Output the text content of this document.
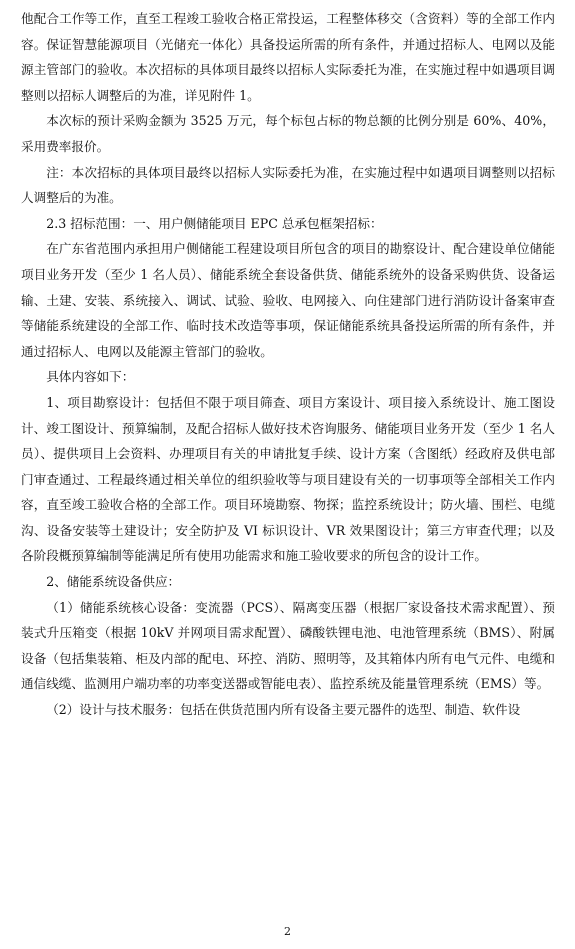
他配合工作等工作，直至工程竣工验收合格正常投运，工程整体移交（含资料）等的全部工作内容。保证智慧能源项目（光储充一体化）具备投运所需的所有条件，并通过招标人、电网以及能源主管部门的验收。本次招标的具体项目最终以招标人实际委托为准，在实施过程中如遇项目调整则以招标人调整后的为准，详见附件 1。

本次标的预计采购金额为 3525 万元，每个标包占标的物总额的比例分别是 60%、40%，采用费率报价。

注：本次招标的具体项目最终以招标人实际委托为准，在实施过程中如遇项目调整则以招标人调整后的为准。

2.3 招标范围：一、用户侧储能项目 EPC 总承包框架招标：

在广东省范围内承担用户侧储能工程建设项目所包含的项目的勘察设计、配合建设单位储能项目业务开发（至少 1 名人员）、储能系统全套设备供货、储能系统外的设备采购供货、设备运输、土建、安装、系统接入、调试、试验、验收、电网接入、向住建部门进行消防设计备案审查等储能系统建设的全部工作、临时技术改造等事项，保证储能系统具备投运所需的所有条件，并通过招标人、电网以及能源主管部门的验收。

具体内容如下：

1、项目勘察设计：包括但不限于项目筛查、项目方案设计、项目接入系统设计、施工图设计、竣工图设计、预算编制，及配合招标人做好技术咨询服务、储能项目业务开发（至少 1 名人员）、提供项目上会资料、办理项目有关的申请批复手续、设计方案（含图纸）经政府及供电部门审查通过、工程最终通过相关单位的组织验收等与项目建设有关的一切事项等全部相关工作内容，直至竣工验收合格的全部工作。项目环境勘察、物探；监控系统设计；防火墙、围栏、电缆沟、设备安装等土建设计；安全防护及 VI 标识设计、VR 效果图设计；第三方审查代理；以及各阶段概预算编制等能满足所有使用功能需求和施工验收要求的所包含的设计工作。

2、储能系统设备供应：

（1）储能系统核心设备：变流器（PCS）、隔离变压器（根据厂家设备技术需求配置）、预装式升压箱变（根据 10kV 并网项目需求配置）、磷酸铁锂电池、电池管理系统（BMS）、附属设备（包括集装箱、柜及内部的配电、环控、消防、照明等，及其箱体内所有电气元件、电缆和通信线缆、监测用户端功率的功率变送器或智能电表）、监控系统及能量管理系统（EMS）等。

（2）设计与技术服务：包括在供货范围内所有设备主要元器件的选型、制造、软件设

2
